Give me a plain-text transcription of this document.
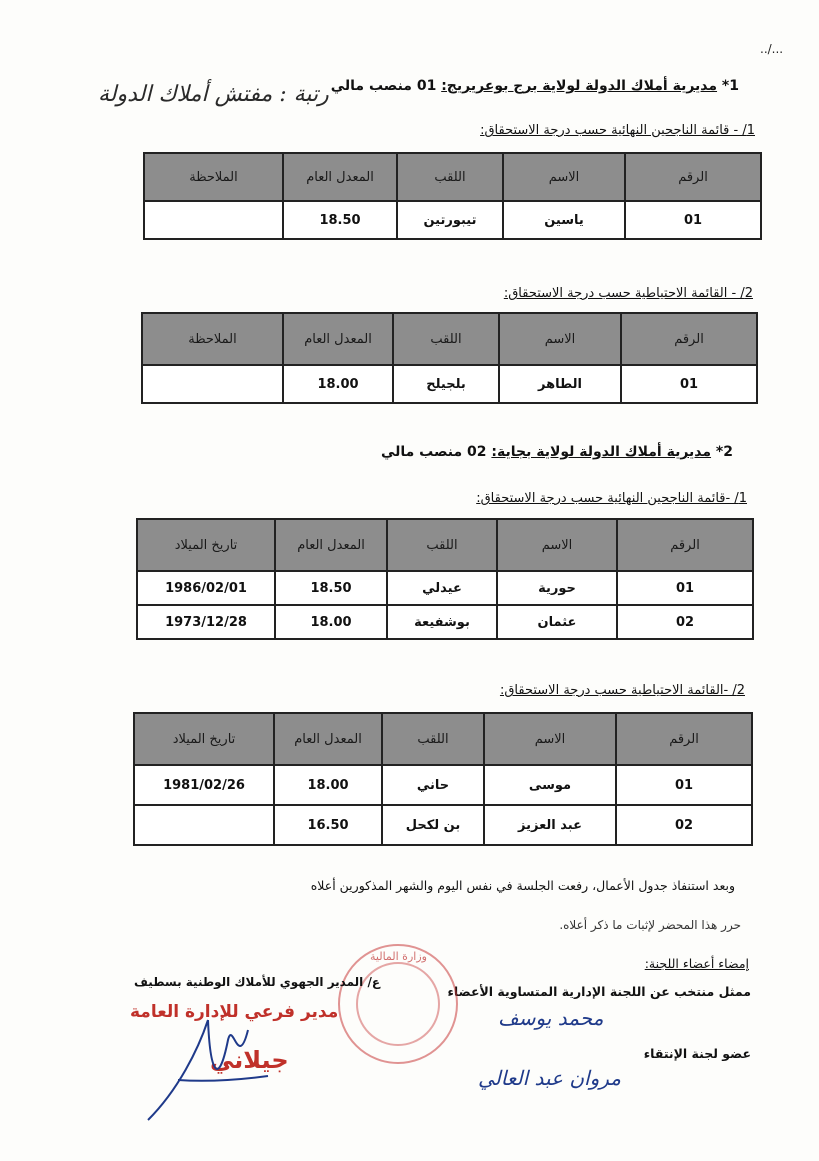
../...
رتبة : مفتش أملاك الدولة	1* مديرية أملاك الدولة لولاية برج بوعريريج: 01 منصب مالي
1/ - قائمة الناجحين النهائية حسب درجة الاستحقاق:
الرقم	الاسم	اللقب	المعدل العام	الملاحظة
01	ياسين	تيبورتين	18.50	
2/ - القائمة الاحتياطية حسب درجة الاستحقاق:
الرقم	الاسم	اللقب	المعدل العام	الملاحظة
01	الطاهر	بلجيلح	18.00	
2* مديرية أملاك الدولة لولاية بجاية: 02 منصب مالي
1/ -قائمة الناجحين النهائية حسب درجة الاستحقاق:
الرقم	الاسم	اللقب	المعدل العام	تاريخ الميلاد
01	حورية	عيدلي	18.50	1986/02/01
02	عثمان	بوشفيعة	18.00	1973/12/28
2/ -القائمة الاحتياطية حسب درجة الاستحقاق:
الرقم	الاسم	اللقب	المعدل العام	تاريخ الميلاد
01	موسى	حاني	18.00	1981/02/26
02	عبد العزيز	بن لكحل	16.50	
وبعد استنفاذ جدول الأعمال، رفعت الجلسة في نفس اليوم والشهر المذكورين أعلاه
حرر هذا المحضر لإثبات ما ذكر أعلاه.
إمضاء أعضاء اللجنة:
ممثل منتخب عن اللجنة الإدارية المتساوية الأعضاء
محمد يوسف
عضو لجنة الإنتقاء
مروان عبد العالي
وزارة المالية
ع/ المدير الجهوي للأملاك الوطنية بسطيف
مدير فرعي للإدارة العامة
جيلاني
